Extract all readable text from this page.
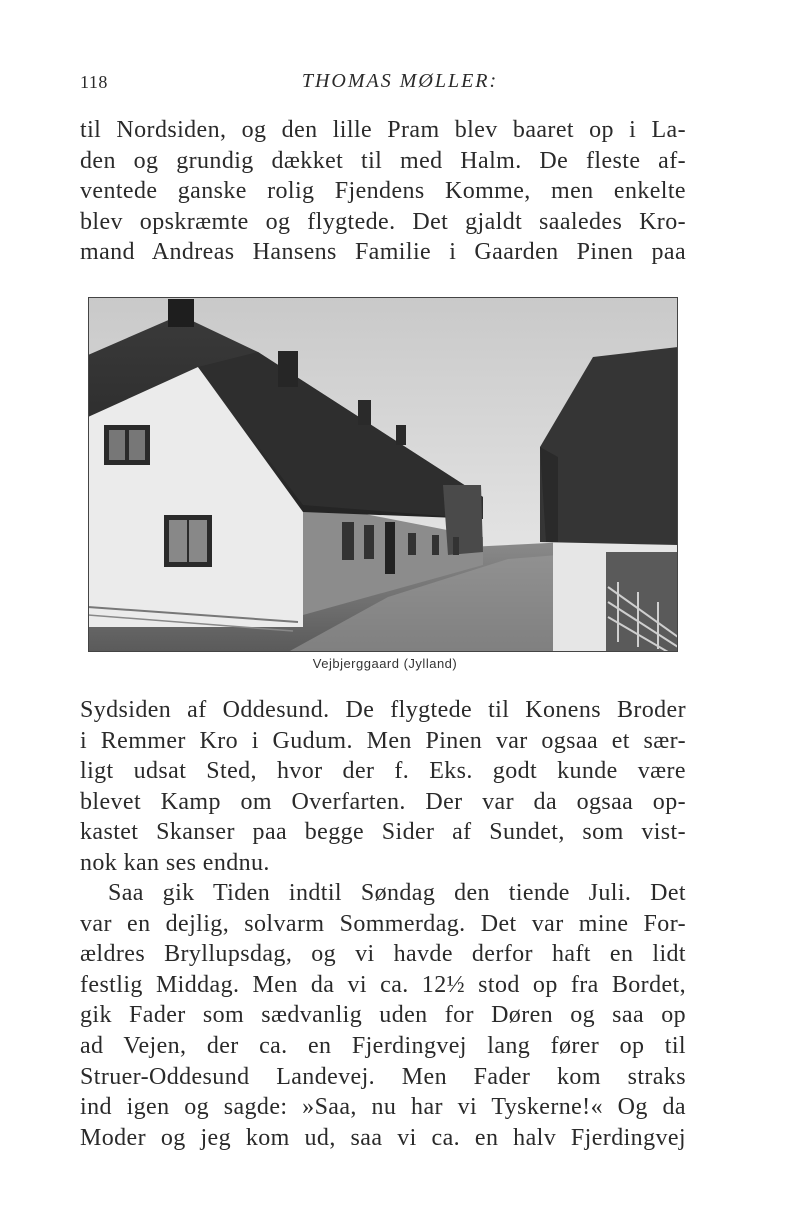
118	THOMAS MØLLER:
til Nordsiden, og den lille Pram blev baaret op i La-
den og grundig dækket til med Halm. De fleste af-
ventede ganske rolig Fjendens Komme, men enkelte
blev opskræmte og flygtede. Det gjaldt saaledes Kro-
mand Andreas Hansens Familie i Gaarden Pinen paa
Vejbjerggaard (Jylland)
Sydsiden af Oddesund. De flygtede til Konens Broder
i Remmer Kro i Gudum. Men Pinen var ogsaa et sær-
ligt udsat Sted, hvor der f. Eks. godt kunde være
blevet Kamp om Overfarten. Der var da ogsaa op-
kastet Skanser paa begge Sider af Sundet, som vist-
nok kan ses endnu.
Saa gik Tiden indtil Søndag den tiende Juli. Det
var en dejlig, solvarm Sommerdag. Det var mine For-
ældres Bryllupsdag, og vi havde derfor haft en lidt
festlig Middag. Men da vi ca. 12½ stod op fra Bordet,
gik Fader som sædvanlig uden for Døren og saa op
ad Vejen, der ca. en Fjerdingvej lang fører op til
Struer-Oddesund Landevej. Men Fader kom straks
ind igen og sagde: »Saa, nu har vi Tyskerne!« Og da
Moder og jeg kom ud, saa vi ca. en halv Fjerdingvej
